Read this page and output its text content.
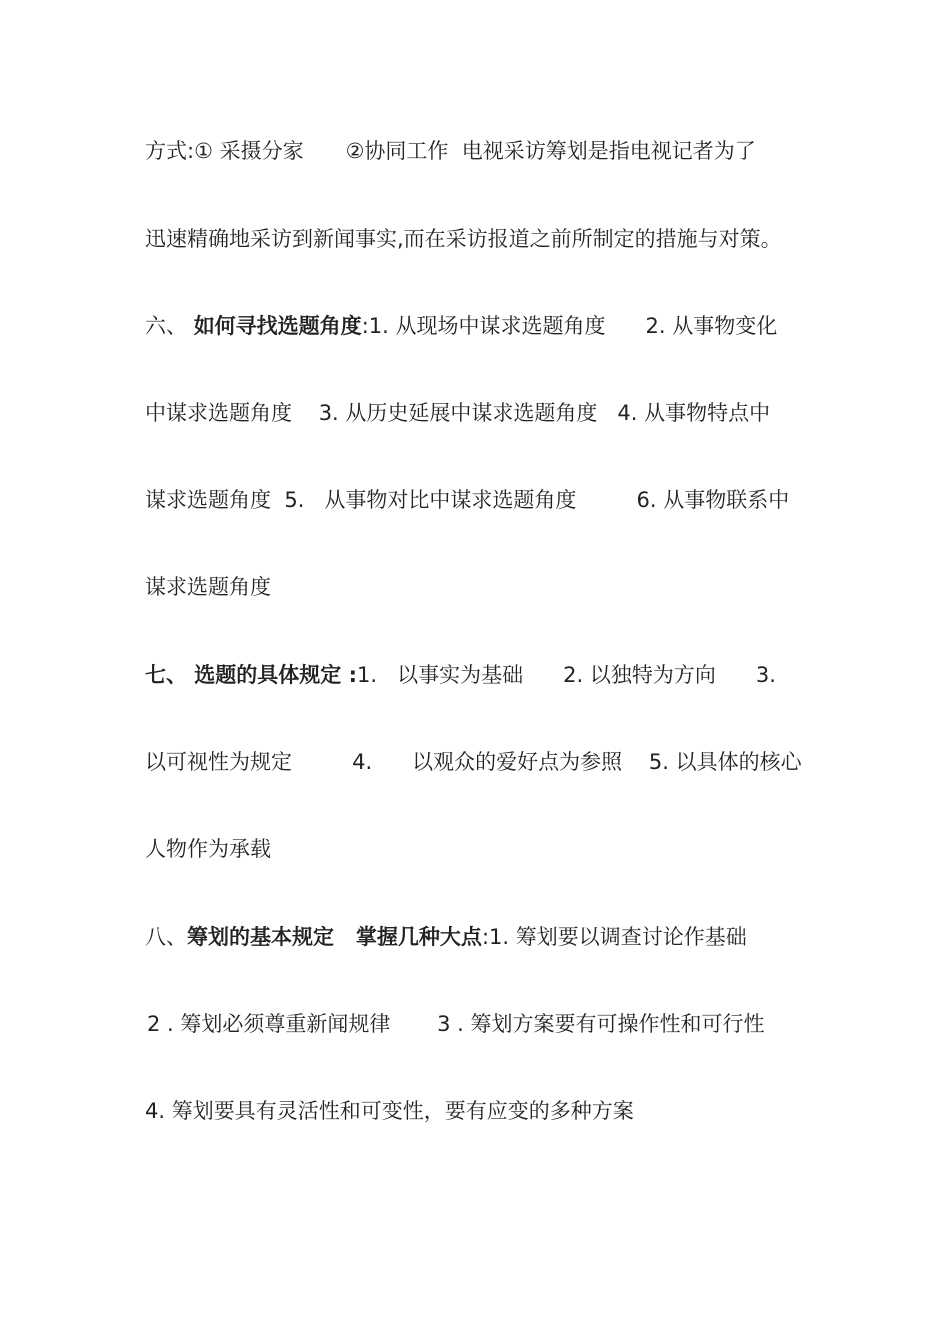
方式:① 采摄分家　　②协同工作  电视采访筹划是指电视记者为了
迅速精确地采访到新闻事实,而在采访报道之前所制定的措施与对策。
六、 如何寻找选题角度:1. 从现场中谋求选题角度      2. 从事物变化
中谋求选题角度    3. 从历史延展中谋求选题角度   4. 从事物特点中
谋求选题角度  5.   从事物对比中谋求选题角度         6. 从事物联系中
谋求选题角度
七、 选题的具体规定 :1.   以事实为基础      2. 以独特为方向      3.
以可视性为规定         4.      以观众的爱好点为参照    5. 以具体的核心
人物作为承载
八、筹划的基本规定   掌握几种大点:1. 筹划要以调查讨论作基础
2 . 筹划必须尊重新闻规律       3 . 筹划方案要有可操作性和可行性
4. 筹划要具有灵活性和可变性，要有应变的多种方案
